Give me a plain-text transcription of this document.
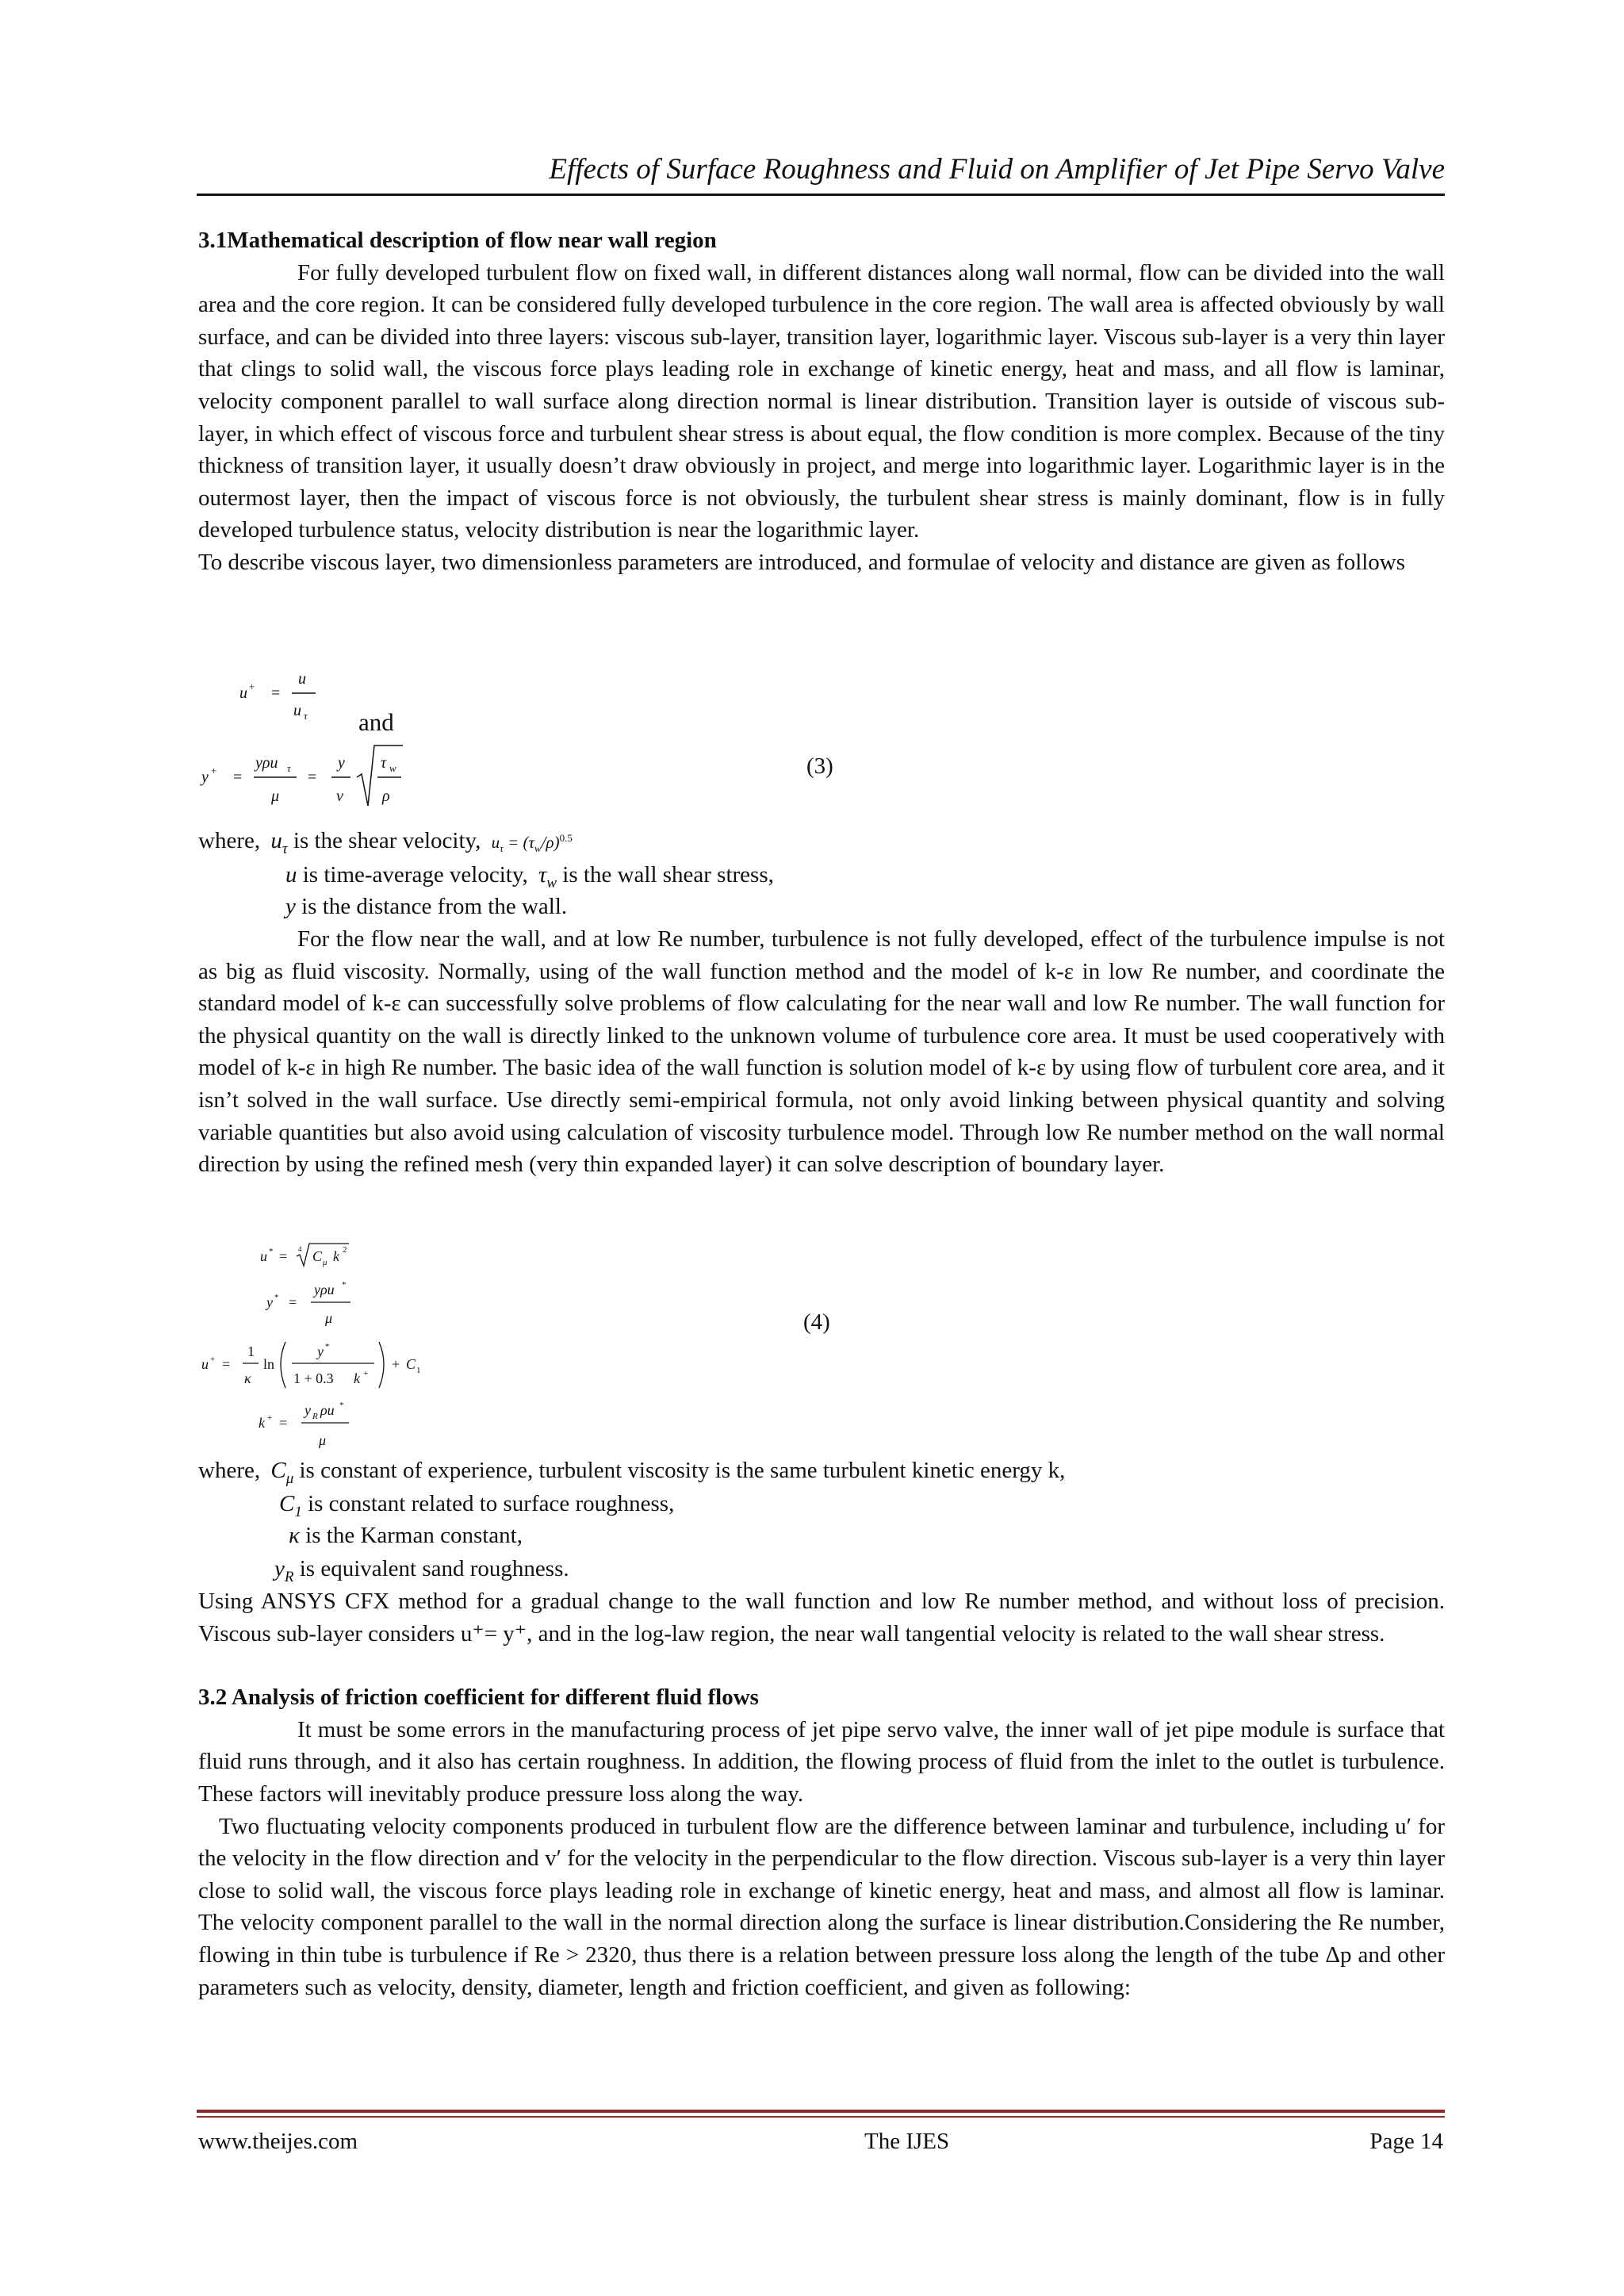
Effects of Surface Roughness and Fluid on Amplifier of Jet Pipe Servo Valve
3.1Mathematical description of flow near wall region

For fully developed turbulent flow on fixed wall, in different distances along wall normal, flow can be divided into the wall area and the core region. It can be considered fully developed turbulence in the core region. The wall area is affected obviously by wall surface, and can be divided into three layers: viscous sub-layer, transition layer, logarithmic layer. Viscous sub-layer is a very thin layer that clings to solid wall, the viscous force plays leading role in exchange of kinetic energy, heat and mass, and all flow is laminar, velocity component parallel to wall surface along direction normal is linear distribution. Transition layer is outside of viscous sub-layer, in which effect of viscous force and turbulent shear stress is about equal, the flow condition is more complex. Because of the tiny thickness of transition layer, it usually doesn’t draw obviously in project, and merge into logarithmic layer. Logarithmic layer is in the outermost layer, then the impact of viscous force is not obviously, the turbulent shear stress is mainly dominant, flow is in fully developed turbulence status, velocity distribution is near the logarithmic layer.

To describe viscous layer, two dimensionless parameters are introduced, and formulae of velocity and distance are given as follows

u + =
u
u τ
y + =
yρu τ
μ
=
y
ν
τ w
ρ
and
(3)
where, $u_\tau$ is the shear velocity, $u_\tau = (\tau_w/\rho)^{0.5}$
u is time-average velocity, $\tau_w$ is the wall shear stress,
y is the distance from the wall.

For the flow near the wall, and at low Re number, turbulence is not fully developed, effect of the turbulence impulse is not as big as fluid viscosity. Normally, using of the wall function method and the model of k-ε in low Re number, and coordinate the standard model of k-ε can successfully solve problems of flow calculating for the near wall and low Re number. The wall function for the physical quantity on the wall is directly linked to the unknown volume of turbulence core area. It must be used cooperatively with model of k-ε in high Re number. The basic idea of the wall function is solution model of k-ε by using flow of turbulent core area, and it isn’t solved in the wall surface. Use directly semi-empirical formula, not only avoid linking between physical quantity and solving variable quantities but also avoid using calculation of viscosity turbulence model. Through low Re number method on the wall normal direction by using the refined mesh (very thin expanded layer) it can solve description of boundary layer.

u * = 4 C μ k 2
y * =
yρu *
μ
u + =
1
κ
ln
y *
1 + 0.3 k +
+ C 1
k + =
y R ρu *
μ
(4)
where, $C_\mu$ is constant of experience, turbulent viscosity is the same turbulent kinetic energy k,
$C_1$ is constant related to surface roughness,
κ is the Karman constant,
$y_R$ is equivalent sand roughness.

Using ANSYS CFX method for a gradual change to the wall function and low Re number method, and without loss of precision. Viscous sub-layer considers u⁺= y⁺, and in the log-law region, the near wall tangential velocity is related to the wall shear stress.

3.2 Analysis of friction coefficient for different fluid flows

It must be some errors in the manufacturing process of jet pipe servo valve, the inner wall of jet pipe module is surface that fluid runs through, and it also has certain roughness. In addition, the flowing process of fluid from the inlet to the outlet is turbulence. These factors will inevitably produce pressure loss along the way.

Two fluctuating velocity components produced in turbulent flow are the difference between laminar and turbulence, including u′ for the velocity in the flow direction and v′ for the velocity in the perpendicular to the flow direction. Viscous sub-layer is a very thin layer close to solid wall, the viscous force plays leading role in exchange of kinetic energy, heat and mass, and almost all flow is laminar. The velocity component parallel to the wall in the normal direction along the surface is linear distribution.Considering the Re number, flowing in thin tube is turbulence if Re > 2320, thus there is a relation between pressure loss along the length of the tube Δp and other parameters such as velocity, density, diameter, length and friction coefficient, and given as following:

www.theijes.com	The IJES	Page 14
